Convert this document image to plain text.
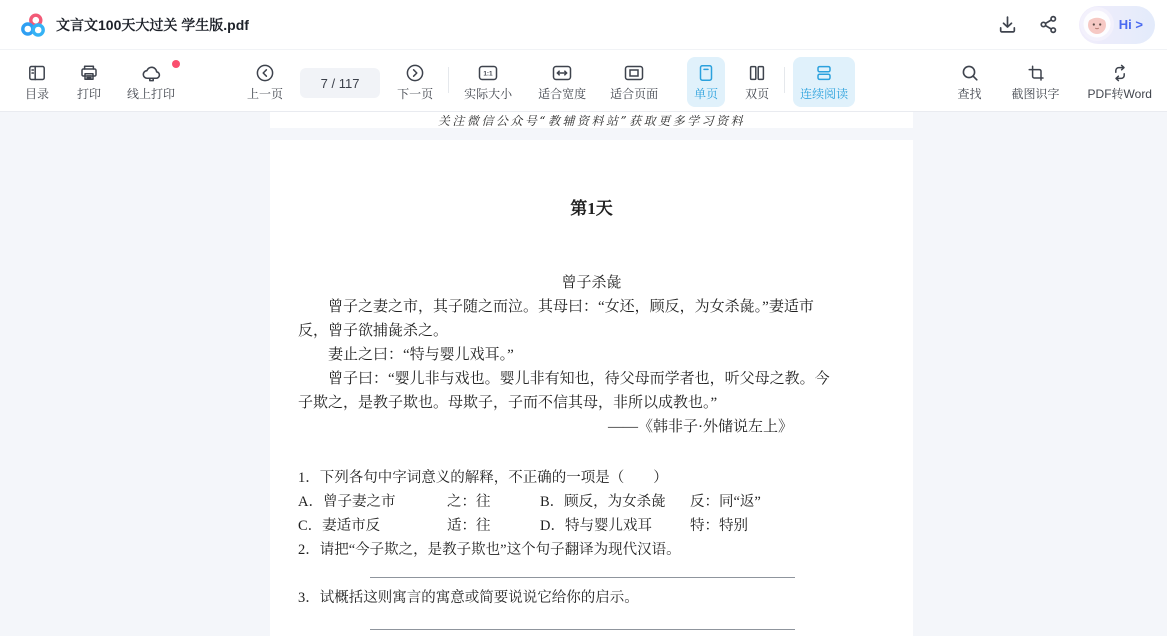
文言文100天大过关 学生版.pdf	Hi >
目录 打印 线上打印	上一页
7 / 117
下一页
1:1
实际大小 适合宽度 适合页面	单页 双页	连续阅读	查找	截图识字 PDF转Word
关注微信公众号“教辅资料站”获取更多学习资料
第1天
曾子杀彘

曾子之妻之市，其子随之而泣。其母曰：“女还，顾反，为女杀彘。”妻适市反，曾子欲捕彘杀之。

妻止之曰：“特与婴儿戏耳。”

曾子曰：“婴儿非与戏也。婴儿非有知也，待父母而学者也，听父母之教。今子欺之，是教子欺也。母欺子，子而不信其母，非所以成教也。”

——《韩非子·外储说左上》
1．下列各句中字词意义的解释，不正确的一项是（　　）
A．曾子妻之市	之：往	B．顾反，为女杀彘	反：同“返”
C．妻适市反	适：往	D．特与婴儿戏耳	特：特别
2．请把“今子欺之，是教子欺也”这个句子翻译为现代汉语。
3．试概括这则寓言的寓意或简要说说它给你的启示。
